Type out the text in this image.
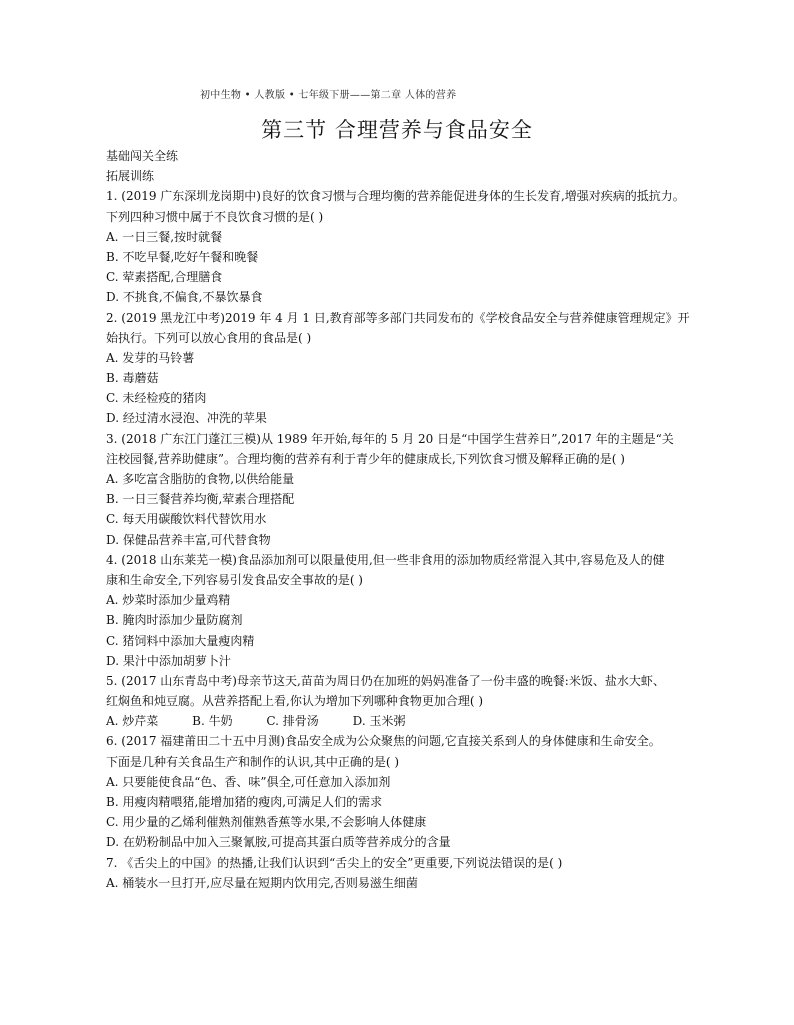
初中生物 • 人教版 • 七年级下册——第二章 人体的营养
第三节 合理营养与食品安全
基础闯关全练
拓展训练
1. (2019 广东深圳龙岗期中)良好的饮食习惯与合理均衡的营养能促进身体的生长发育,增强对疾病的抵抗力。
下列四种习惯中属于不良饮食习惯的是( )
A. 一日三餐,按时就餐
B. 不吃早餐,吃好午餐和晚餐
C. 荤素搭配,合理膳食
D. 不挑食,不偏食,不暴饮暴食
2. (2019 黑龙江中考)2019 年 4 月 1 日,教育部等多部门共同发布的《学校食品安全与营养健康管理规定》开
始执行。下列可以放心食用的食品是( )
A. 发芽的马铃薯
B. 毒蘑菇
C. 未经检疫的猪肉
D. 经过清水浸泡、冲洗的苹果
3. (2018 广东江门蓬江三模)从 1989 年开始,每年的 5 月 20 日是“中国学生营养日”,2017 年的主题是“关
注校园餐,营养助健康”。合理均衡的营养有利于青少年的健康成长,下列饮食习惯及解释正确的是( )
A. 多吃富含脂肪的食物,以供给能量
B. 一日三餐营养均衡,荤素合理搭配
C. 每天用碳酸饮料代替饮用水
D. 保健品营养丰富,可代替食物
4. (2018 山东莱芜一模)食品添加剂可以限量使用,但一些非食用的添加物质经常混入其中,容易危及人的健
康和生命安全,下列容易引发食品安全事故的是( )
A. 炒菜时添加少量鸡精
B. 腌肉时添加少量防腐剂
C. 猪饲料中添加大量瘦肉精
D. 果汁中添加胡萝卜汁
5. (2017 山东青岛中考)母亲节这天,苗苗为周日仍在加班的妈妈准备了一份丰盛的晚餐:米饭、盐水大虾、
红焖鱼和炖豆腐。从营养搭配上看,你认为增加下列哪种食物更加合理( )
A. 炒芹菜	B. 牛奶	C. 排骨汤	D. 玉米粥
6. (2017 福建莆田二十五中月测)食品安全成为公众聚焦的问题,它直接关系到人的身体健康和生命安全。
下面是几种有关食品生产和制作的认识,其中正确的是( )
A. 只要能使食品“色、香、味”俱全,可任意加入添加剂
B. 用瘦肉精喂猪,能增加猪的瘦肉,可满足人们的需求
C. 用少量的乙烯利催熟剂催熟香蕉等水果,不会影响人体健康
D. 在奶粉制品中加入三聚氰胺,可提高其蛋白质等营养成分的含量
7. 《舌尖上的中国》的热播,让我们认识到“舌尖上的安全”更重要,下列说法错误的是( )
A. 桶装水一旦打开,应尽量在短期内饮用完,否则易滋生细菌
